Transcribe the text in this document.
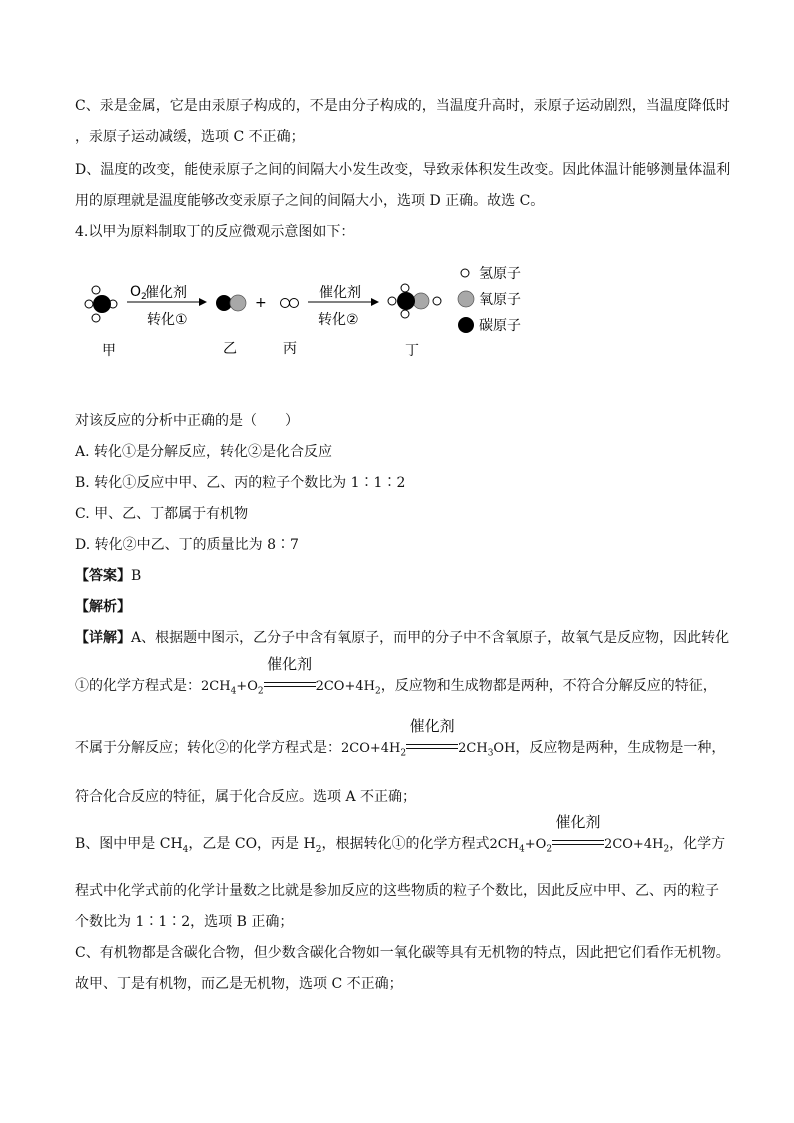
C、汞是金属，它是由汞原子构成的，不是由分子构成的，当温度升高时，汞原子运动剧烈，当温度降低时
，汞原子运动减缓，选项 C 不正确；
D、温度的改变，能使汞原子之间的间隔大小发生改变，导致汞体积发生改变。因此体温计能够测量体温利
用的原理就是温度能够改变汞原子之间的间隔大小，选项 D 正确。故选 C。
4.以甲为原料制取丁的反应微观示意图如下：
$O_2$
催化剂
转化①
+
催化剂
转化②
氢原子
氧原子
碳原子
甲	乙	丙	丁
对该反应的分析中正确的是（　　）
A. 转化①是分解反应，转化②是化合反应
B. 转化①反应中甲、乙、丙的粒子个数比为 1∶1∶2
C. 甲、乙、丁都属于有机物
D. 转化②中乙、丁的质量比为 8∶7
【答案】B
【解析】
【详解】A、根据题中图示，乙分子中含有氧原子，而甲的分子中不含氧原子，故氧气是反应物，因此转化
①的化学方程式是：$2CH_4+O_2$
催化剂
$2CO+4H_2$，反应物和生成物都是两种，不符合分解反应的特征，
不属于分解反应；转化②的化学方程式是：$2CO+4H_2$
催化剂
$2CH_3OH$，反应物是两种，生成物是一种，
符合化合反应的特征，属于化合反应。选项 A 不正确；
B、图中甲是 $CH_4$，乙是 CO，丙是 $H_2$，根据转化①的化学方程式$2CH_4+O_2$
催化剂
$2CO+4H_2$，化学方
程式中化学式前的化学计量数之比就是参加反应的这些物质的粒子个数比，因此反应中甲、乙、丙的粒子
个数比为 1∶1∶2，选项 B 正确；
C、有机物都是含碳化合物，但少数含碳化合物如一氧化碳等具有无机物的特点，因此把它们看作无机物。
故甲、丁是有机物，而乙是无机物，选项 C 不正确；
